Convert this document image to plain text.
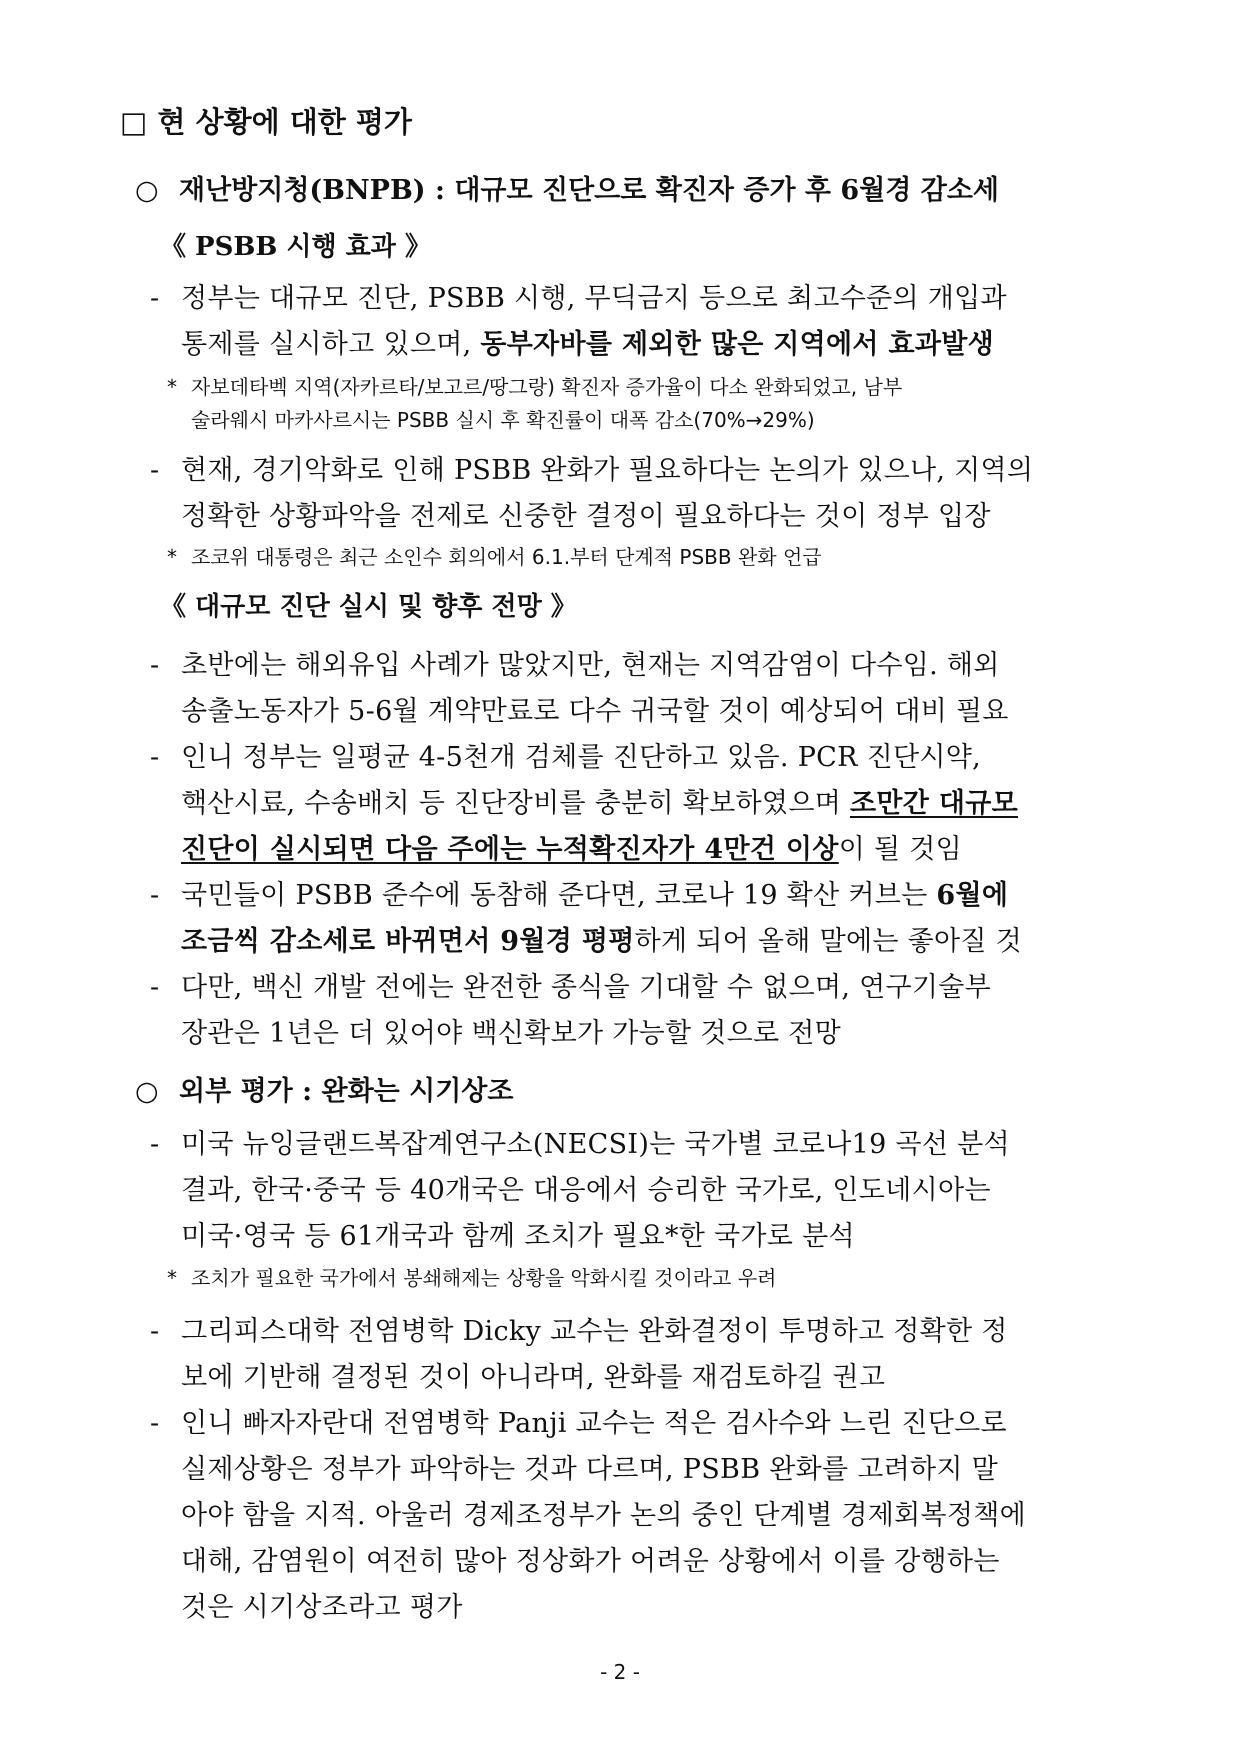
□ 현 상황에 대한 평가
○ 재난방지청(BNPB) : 대규모 진단으로 확진자 증가 후 6월경 감소세
《 PSBB 시행 효과 》
- 정부는 대규모 진단, PSBB 시행, 무딕금지 등으로 최고수준의 개입과
통제를 실시하고 있으며, 동부자바를 제외한 많은 지역에서 효과발생
* 자보데타벡 지역(자카르타/보고르/땅그랑) 확진자 증가율이 다소 완화되었고, 남부
술라웨시 마카사르시는 PSBB 실시 후 확진률이 대폭 감소(70%→29%)
- 현재, 경기악화로 인해 PSBB 완화가 필요하다는 논의가 있으나, 지역의
정확한 상황파악을 전제로 신중한 결정이 필요하다는 것이 정부 입장
* 조코위 대통령은 최근 소인수 회의에서 6.1.부터 단계적 PSBB 완화 언급
《 대규모 진단 실시 및 향후 전망 》
- 초반에는 해외유입 사례가 많았지만, 현재는 지역감염이 다수임. 해외
송출노동자가 5-6월 계약만료로 다수 귀국할 것이 예상되어 대비 필요
- 인니 정부는 일평균 4-5천개 검체를 진단하고 있음. PCR 진단시약,
핵산시료, 수송배치 등 진단장비를 충분히 확보하였으며 조만간 대규모
진단이 실시되면 다음 주에는 누적확진자가 4만건 이상이 될 것임
- 국민들이 PSBB 준수에 동참해 준다면, 코로나 19 확산 커브는 6월에
조금씩 감소세로 바뀌면서 9월경 평평하게 되어 올해 말에는 좋아질 것
- 다만, 백신 개발 전에는 완전한 종식을 기대할 수 없으며, 연구기술부
장관은 1년은 더 있어야 백신확보가 가능할 것으로 전망
○ 외부 평가 : 완화는 시기상조
- 미국 뉴잉글랜드복잡계연구소(NECSI)는 국가별 코로나19 곡선 분석
결과, 한국·중국 등 40개국은 대응에서 승리한 국가로, 인도네시아는
미국·영국 등 61개국과 함께 조치가 필요*한 국가로 분석
* 조치가 필요한 국가에서 봉쇄해제는 상황을 악화시킬 것이라고 우려
- 그리피스대학 전염병학 Dicky 교수는 완화결정이 투명하고 정확한 정
보에 기반해 결정된 것이 아니라며, 완화를 재검토하길 권고
- 인니 빠자자란대 전염병학 Panji 교수는 적은 검사수와 느린 진단으로
실제상황은 정부가 파악하는 것과 다르며, PSBB 완화를 고려하지 말
아야 함을 지적. 아울러 경제조정부가 논의 중인 단계별 경제회복정책에
대해, 감염원이 여전히 많아 정상화가 어려운 상황에서 이를 강행하는
것은 시기상조라고 평가
- 2 -
